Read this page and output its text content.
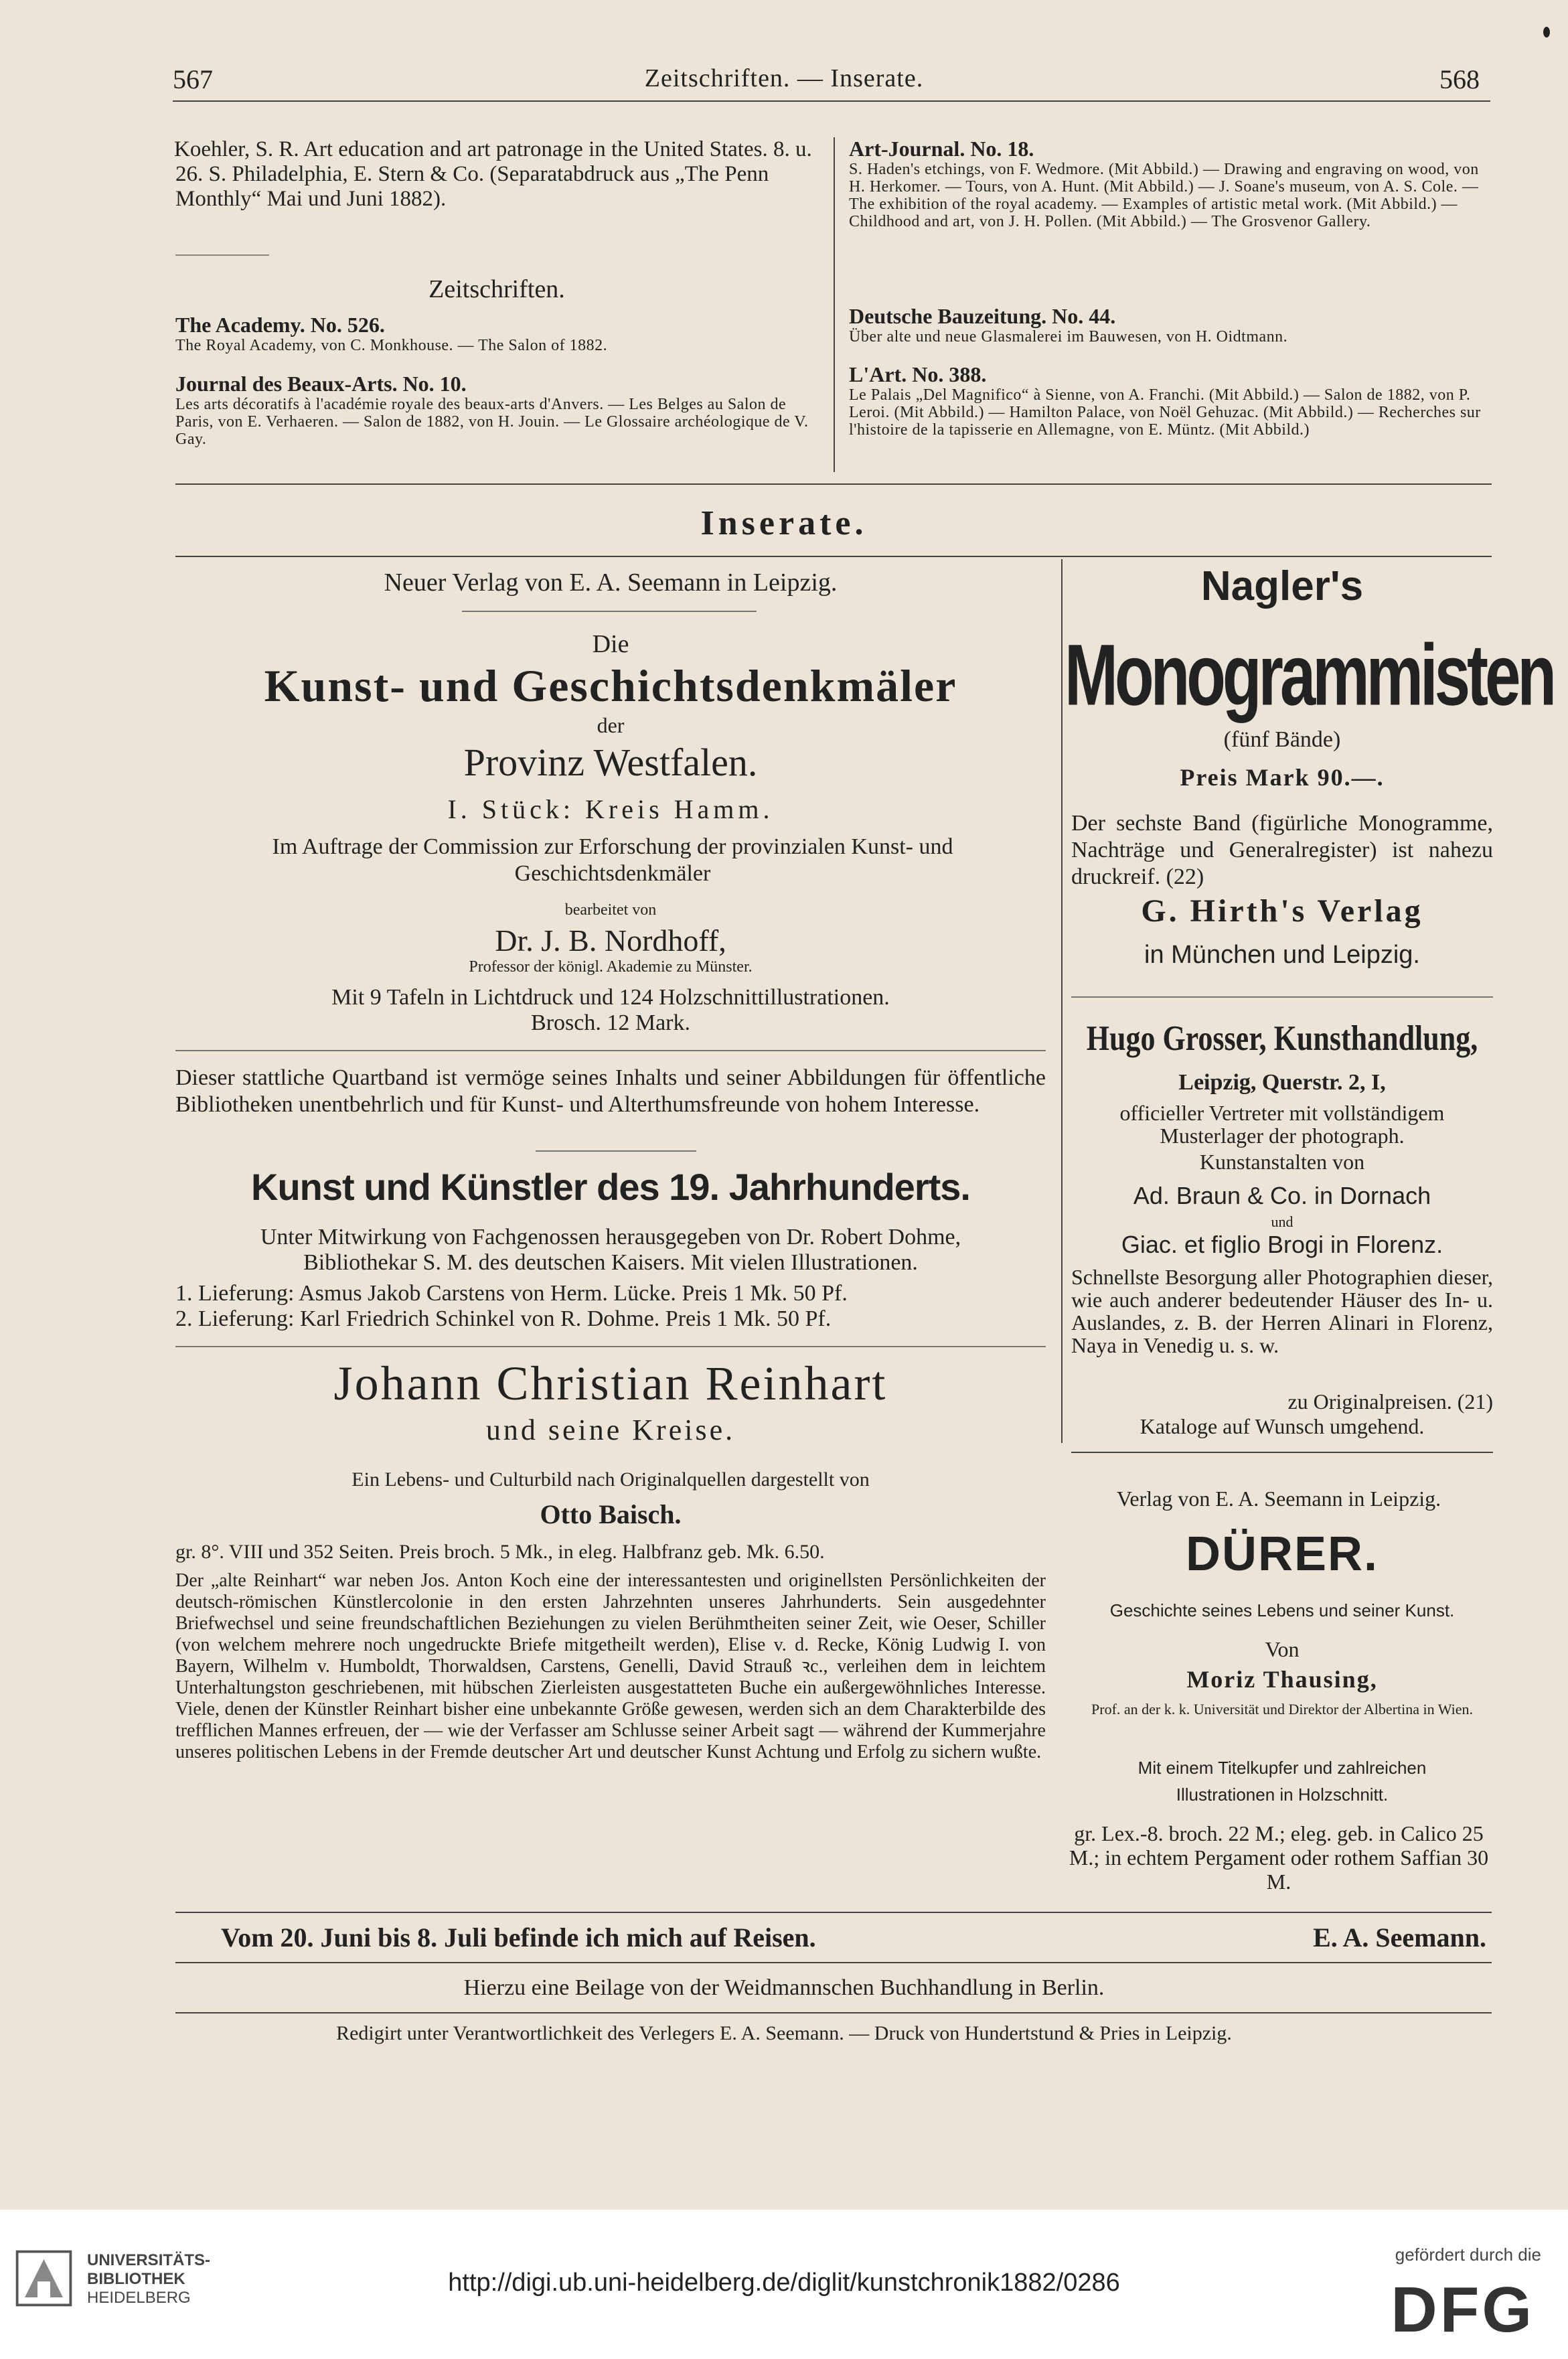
567	Zeitschriften. — Inserate.	568
Koehler, S. R. Art education and art patronage in the United States. 8. u. 26. S. Philadelphia, E. Stern & Co. (Separatabdruck aus „The Penn Monthly“ Mai und Juni 1882).
Zeitschriften.
The Academy. No. 526.
The Royal Academy, von C. Monkhouse. — The Salon of 1882.
Journal des Beaux-Arts. No. 10.
Les arts décoratifs à l'académie royale des beaux-arts d'Anvers. — Les Belges au Salon de Paris, von E. Verhaeren. — Salon de 1882, von H. Jouin. — Le Glossaire archéologique de V. Gay.
Art-Journal. No. 18.
S. Haden's etchings, von F. Wedmore. (Mit Abbild.) — Drawing and engraving on wood, von H. Herkomer. — Tours, von A. Hunt. (Mit Abbild.) — J. Soane's museum, von A. S. Cole. — The exhibition of the royal academy. — Examples of artistic metal work. (Mit Abbild.) — Childhood and art, von J. H. Pollen. (Mit Abbild.) — The Grosvenor Gallery.
Deutsche Bauzeitung. No. 44.
Über alte und neue Glasmalerei im Bauwesen, von H. Oidtmann.
L'Art. No. 388.
Le Palais „Del Magnifico“ à Sienne, von A. Franchi. (Mit Abbild.) — Salon de 1882, von P. Leroi. (Mit Abbild.) — Hamilton Palace, von Noël Gehuzac. (Mit Abbild.) — Recherches sur l'histoire de la tapisserie en Allemagne, von E. Müntz. (Mit Abbild.)
Inserate.
Neuer Verlag von E. A. Seemann in Leipzig.
Die
Kunst- und Geschichtsdenkmäler
der
Provinz Westfalen.
I. Stück: Kreis Hamm.
Im Auftrage der Commission zur Erforschung der provinzialen Kunst- und Geschichtsdenkmäler
bearbeitet von
Dr. J. B. Nordhoff,
Professor der königl. Akademie zu Münster.
Mit 9 Tafeln in Lichtdruck und 124 Holzschnittillustrationen.
Brosch. 12 Mark.
Dieser stattliche Quartband ist vermöge seines Inhalts und seiner Abbildungen für öffentliche Bibliotheken unentbehrlich und für Kunst- und Alterthumsfreunde von hohem Interesse.
Kunst und Künstler des 19. Jahrhunderts.
Unter Mitwirkung von Fachgenossen herausgegeben von Dr. Robert Dohme,
Bibliothekar S. M. des deutschen Kaisers. Mit vielen Illustrationen.
1. Lieferung: Asmus Jakob Carstens von Herm. Lücke. Preis 1 Mk. 50 Pf.
2. Lieferung: Karl Friedrich Schinkel von R. Dohme. Preis 1 Mk. 50 Pf.
Johann Christian Reinhart
und seine Kreise.
Ein Lebens- und Culturbild nach Originalquellen dargestellt von
Otto Baisch.
gr. 8°. VIII und 352 Seiten. Preis broch. 5 Mk., in eleg. Halbfranz geb. Mk. 6.50.
Der „alte Reinhart“ war neben Jos. Anton Koch eine der interessantesten und originellsten Persönlichkeiten der deutsch-römischen Künstlercolonie in den ersten Jahrzehnten unseres Jahrhunderts. Sein ausgedehnter Briefwechsel und seine freundschaftlichen Beziehungen zu vielen Berühmtheiten seiner Zeit, wie Oeser, Schiller (von welchem mehrere noch ungedruckte Briefe mitgetheilt werden), Elise v. d. Recke, König Ludwig I. von Bayern, Wilhelm v. Humboldt, Thorwaldsen, Carstens, Genelli, David Strauß ꝛc., verleihen dem in leichtem Unterhaltungston geschriebenen, mit hübschen Zierleisten ausgestatteten Buche ein außergewöhnliches Interesse. Viele, denen der Künstler Reinhart bisher eine unbekannte Größe gewesen, werden sich an dem Charakterbilde des trefflichen Mannes erfreuen, der — wie der Verfasser am Schlusse seiner Arbeit sagt — während der Kummerjahre unseres politischen Lebens in der Fremde deutscher Art und deutscher Kunst Achtung und Erfolg zu sichern wußte.
Nagler's
Monogrammisten
(fünf Bände)
Preis Mark 90.—.
Der sechste Band (figürliche Monogramme, Nachträge und Generalregister) ist nahezu druckreif. (22)
G. Hirth's Verlag
in München und Leipzig.
Hugo Grosser, Kunsthandlung,
Leipzig, Querstr. 2, I,
officieller Vertreter mit vollständigem Musterlager der photograph.
Kunstanstalten von
Ad. Braun & Co. in Dornach
und
Giac. et figlio Brogi in Florenz.
Schnellste Besorgung aller Photographien dieser, wie auch anderer bedeutender Häuser des In- u. Auslandes, z. B. der Herren Alinari in Florenz, Naya in Venedig u. s. w.
zu Originalpreisen. (21)
Kataloge auf Wunsch umgehend.
Verlag von E. A. Seemann in Leipzig.
DÜRER.
Geschichte seines Lebens und seiner Kunst.
Von
Moriz Thausing,
Prof. an der k. k. Universität und Direktor der Albertina in Wien.
Mit einem Titelkupfer und zahlreichen Illustrationen in Holzschnitt.
gr. Lex.-8. broch. 22 M.; eleg. geb. in Calico 25 M.; in echtem Pergament oder rothem Saffian 30 M.
Vom 20. Juni bis 8. Juli befinde ich mich auf Reisen.	E. A. Seemann.
Hierzu eine Beilage von der Weidmannschen Buchhandlung in Berlin.
Redigirt unter Verantwortlichkeit des Verlegers E. A. Seemann. — Druck von Hundertstund & Pries in Leipzig.
UNIVERSITÄTS-
BIBLIOTHEK
HEIDELBERG
http://digi.ub.uni-heidelberg.de/diglit/kunstchronik1882/0286
gefördert durch die
DFG
